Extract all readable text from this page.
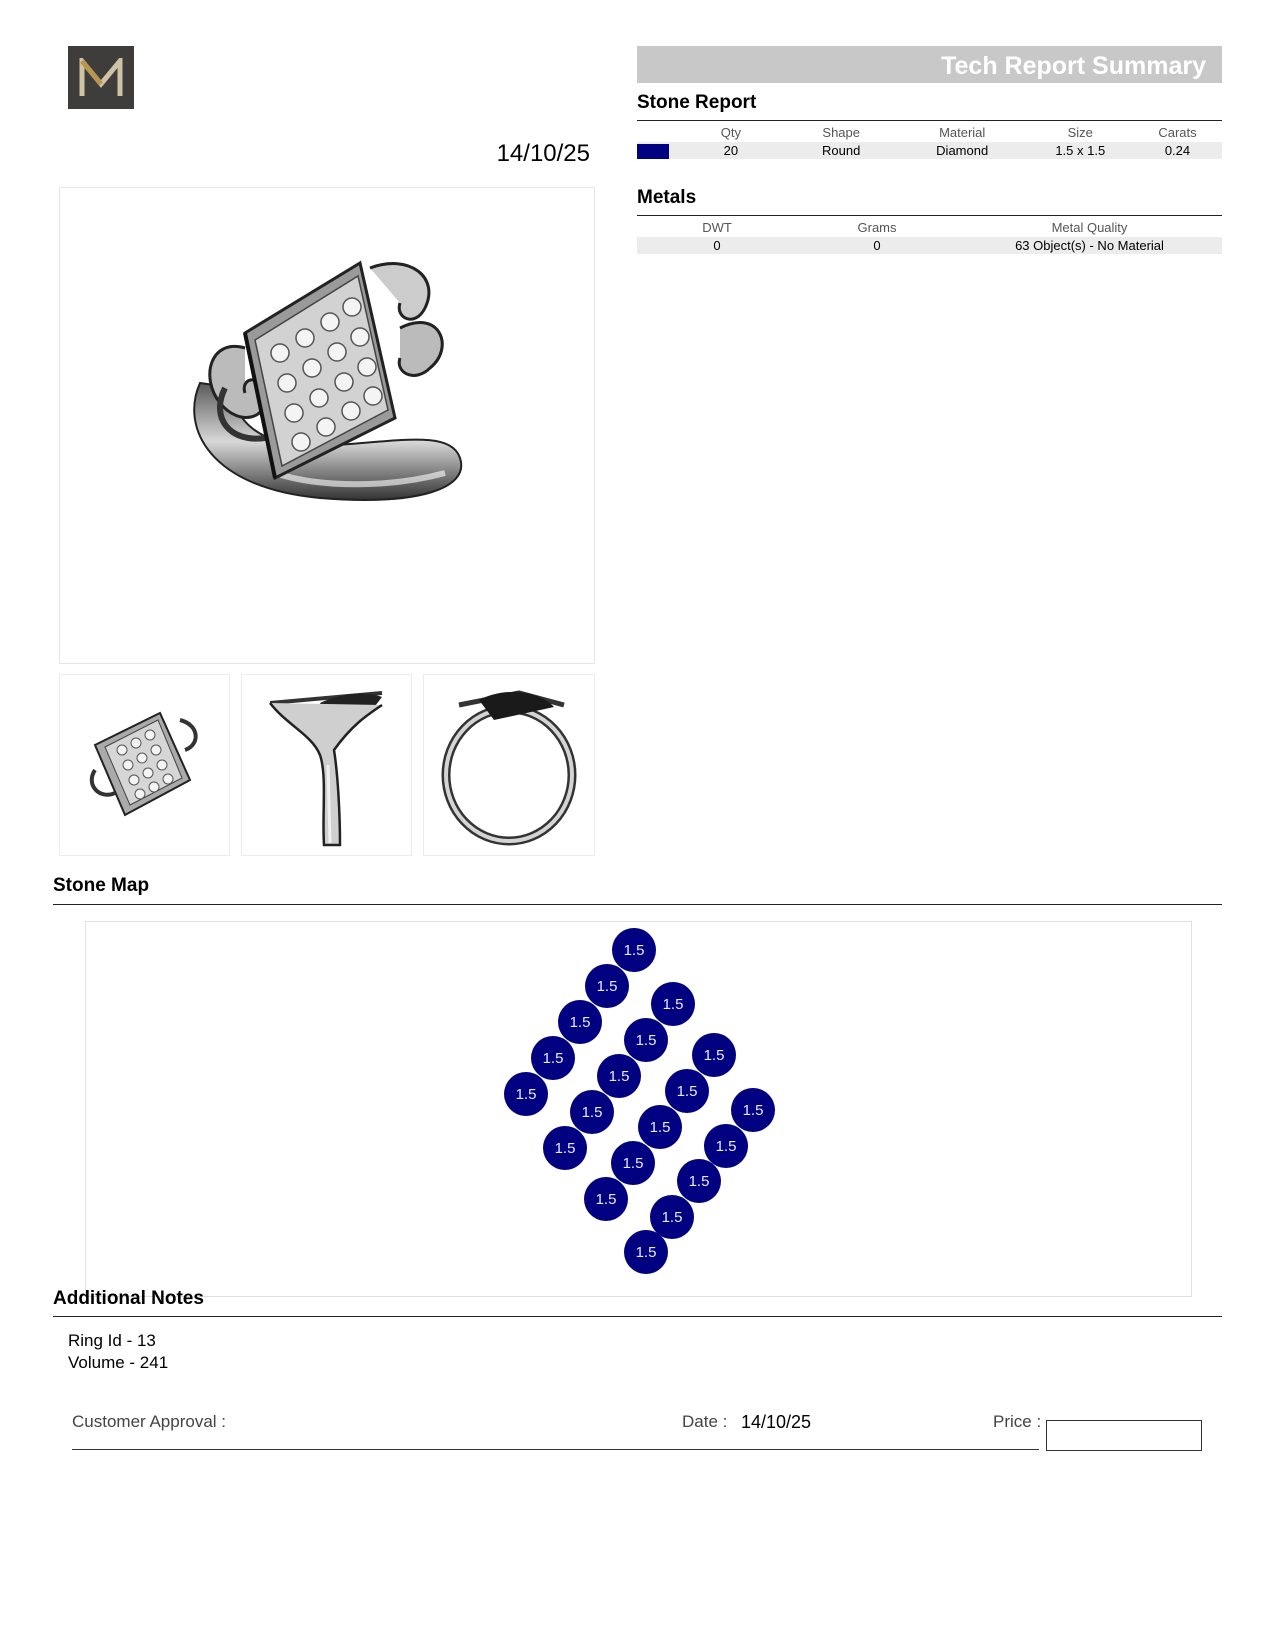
14/10/25
Tech Report Summary
Stone Report
	Qty	Shape	Material	Size	Carats
	20	Round	Diamond	1.5 x 1.5	0.24
Metals
DWT	Grams	Metal Quality
0	0	63 Object(s) - No Material
Stone Map
1.5
1.5
1.5
1.5
1.5
1.5
1.5
1.5
1.5
1.5
1.5
1.5
1.5
1.5
1.5
1.5
1.5
1.5
1.5
1.5
Additional Notes
Ring Id - 13
Volume - 241
Customer Approval :	Date : 14/10/25	Price :
